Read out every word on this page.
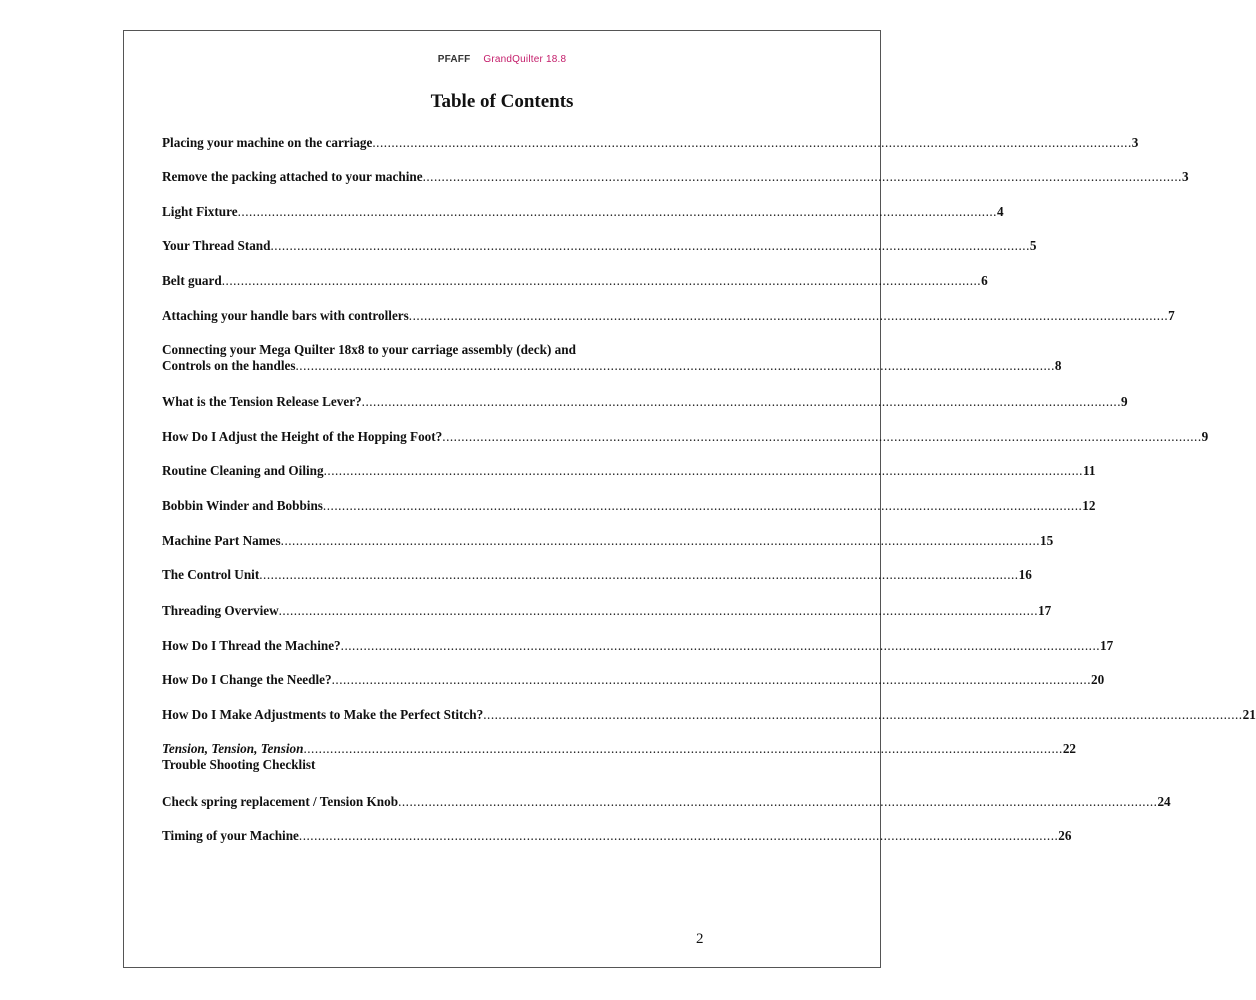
PFAFF GrandQuilter 18.8
Table of Contents
Placing your machine on the carriage ........................................................................................................................................................................................................ 3
Remove the packing attached to your machine ........................................................................................................................................................................................................ 3
Light Fixture ........................................................................................................................................................................................................ 4
Your Thread Stand ........................................................................................................................................................................................................ 5
Belt guard ........................................................................................................................................................................................................ 6
Attaching your handle bars with controllers ........................................................................................................................................................................................................ 7
Connecting your Mega Quilter 18x8 to your carriage assembly (deck) and
Controls on the handles ........................................................................................................................................................................................................ 8
What is the Tension Release Lever? ........................................................................................................................................................................................................ 9
How Do I Adjust the Height of the Hopping Foot? ........................................................................................................................................................................................................ 9
Routine Cleaning and Oiling ........................................................................................................................................................................................................ 11
Bobbin Winder and Bobbins ........................................................................................................................................................................................................ 12
Machine Part Names ........................................................................................................................................................................................................ 15
The Control Unit ........................................................................................................................................................................................................ 16
Threading Overview ........................................................................................................................................................................................................ 17
How Do I Thread the Machine? ........................................................................................................................................................................................................ 17
How Do I Change the Needle? ........................................................................................................................................................................................................ 20
How Do I Make Adjustments to Make the Perfect Stitch? ........................................................................................................................................................................................................ 21
Tension, Tension, Tension ........................................................................................................................................................................................................ 22
Trouble Shooting Checklist
Check spring replacement / Tension Knob ........................................................................................................................................................................................................ 24
Timing of your Machine ........................................................................................................................................................................................................ 26
2
